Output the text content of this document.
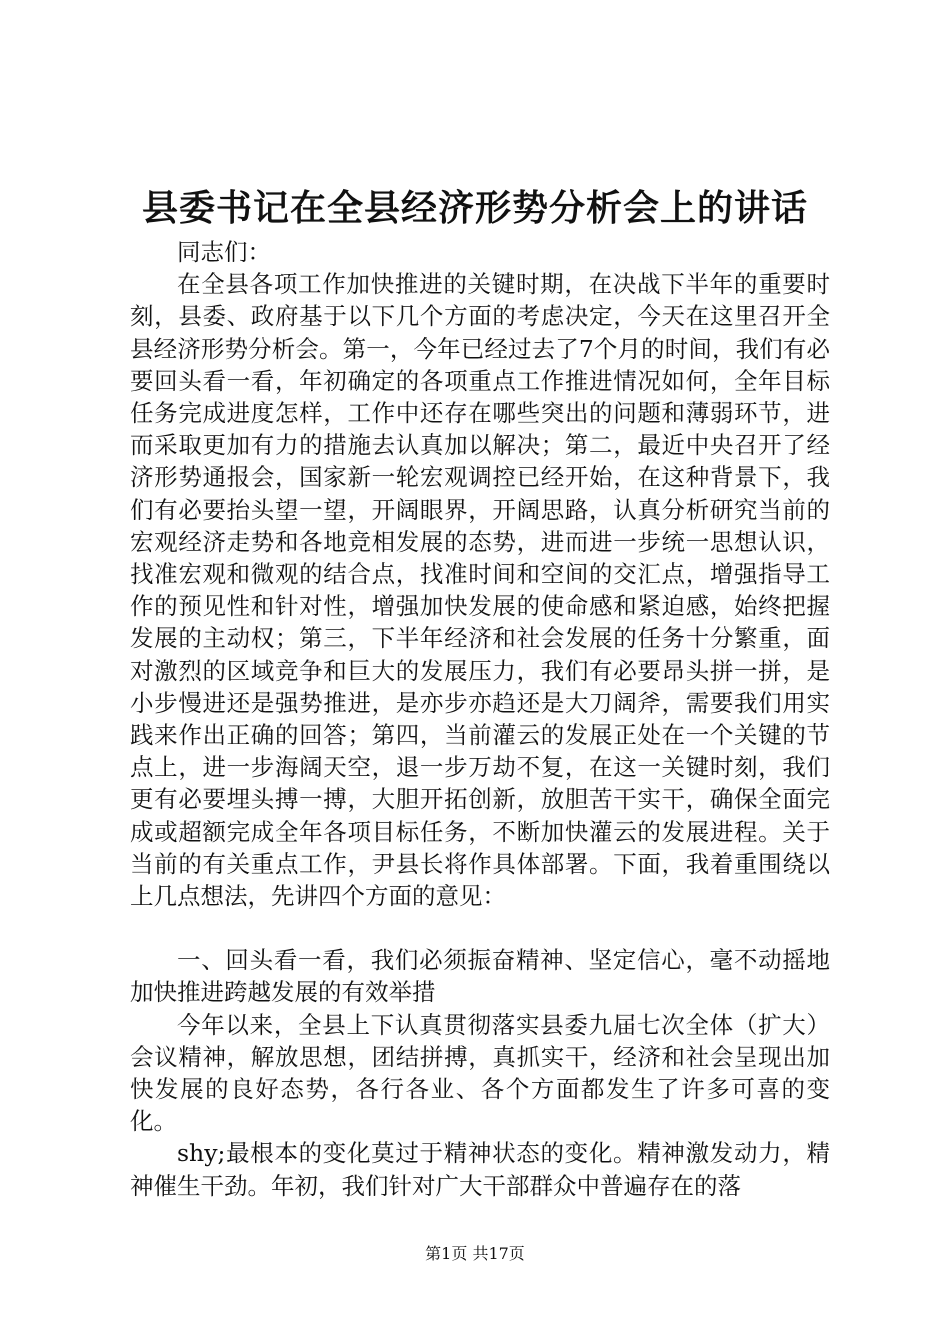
县委书记在全县经济形势分析会上的讲话

同志们：

在全县各项工作加快推进的关键时期，在决战下半年的重要时刻，县委、政府基于以下几个方面的考虑决定，今天在这里召开全县经济形势分析会。第一，今年已经过去了7个月的时间，我们有必要回头看一看，年初确定的各项重点工作推进情况如何，全年目标任务完成进度怎样，工作中还存在哪些突出的问题和薄弱环节，进而采取更加有力的措施去认真加以解决；第二，最近中央召开了经济形势通报会，国家新一轮宏观调控已经开始，在这种背景下，我们有必要抬头望一望，开阔眼界，开阔思路，认真分析研究当前的宏观经济走势和各地竞相发展的态势，进而进一步统一思想认识，找准宏观和微观的结合点，找准时间和空间的交汇点，增强指导工作的预见性和针对性，增强加快发展的使命感和紧迫感，始终把握发展的主动权；第三，下半年经济和社会发展的任务十分繁重，面对激烈的区域竞争和巨大的发展压力，我们有必要昂头拼一拼，是小步慢进还是强势推进，是亦步亦趋还是大刀阔斧，需要我们用实践来作出正确的回答；第四，当前灌云的发展正处在一个关键的节点上，进一步海阔天空，退一步万劫不复，在这一关键时刻，我们更有必要埋头搏一搏，大胆开拓创新，放胆苦干实干，确保全面完成或超额完成全年各项目标任务，不断加快灌云的发展进程。关于当前的有关重点工作，尹县长将作具体部署。下面，我着重围绕以上几点想法，先讲四个方面的意见：

一、回头看一看，我们必须振奋精神、坚定信心，毫不动摇地加快推进跨越发展的有效举措

今年以来，全县上下认真贯彻落实县委九届七次全体（扩大）会议精神，解放思想，团结拼搏，真抓实干，经济和社会呈现出加快发展的良好态势，各行各业、各个方面都发生了许多可喜的变化。

shy;最根本的变化莫过于精神状态的变化。精神激发动力，精神催生干劲。年初，我们针对广大干部群众中普遍存在的落

第1页 共17页
